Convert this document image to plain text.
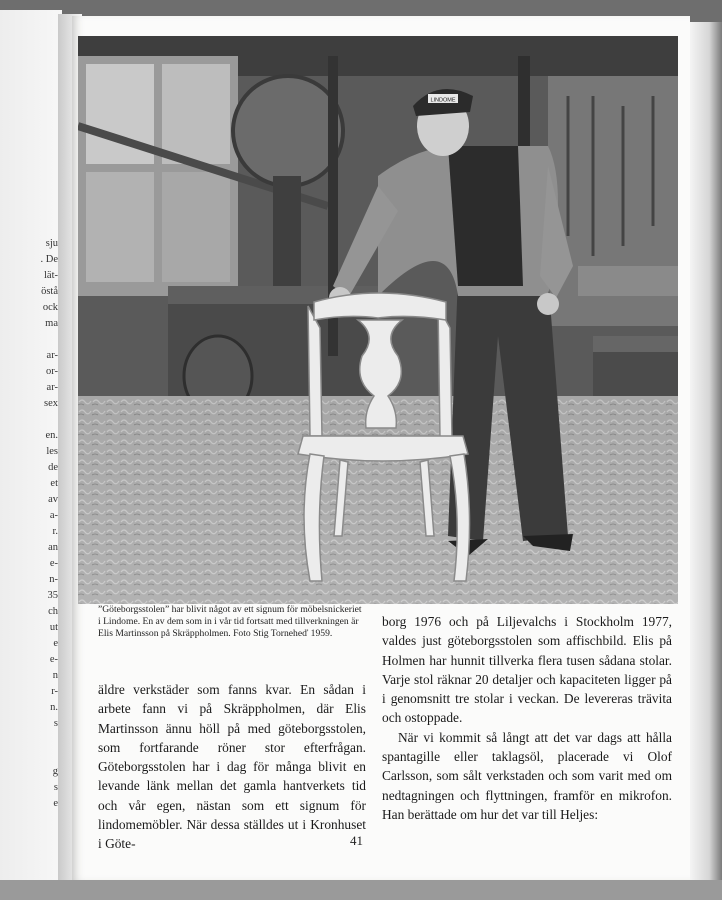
sju
. De
lät-
östå
ock
ma
ar-
or-
ar-
sex
en.
les
de
et
av
a-
r.
an
e-
n-
35
ch
ut
e
e-
n
r-
n.
s
g
s
e
LINDOME
”Göteborgsstolen” har blivit något av ett signum för möbelsnickeriet i Lindome. En av dem som in i vår tid fortsatt med tillverkningen är Elis Martinsson på Skräppholmen. Foto Stig Torneheď 1959.

äldre verkstäder som fanns kvar. En sådan i arbete fann vi på Skräppholmen, där Elis Martinsson ännu höll på med göteborgsstolen, som fortfarande röner stor efterfrågan. Göteborgsstolen har i dag för många blivit en levande länk mellan det gamla hantverkets tid och vår egen, nästan som ett signum för lindomemöbler. När dessa ställdes ut i Kronhuset i Göte-

borg 1976 och på Liljevalchs i Stockholm 1977, valdes just göteborgsstolen som affischbild. Elis på Holmen har hunnit tillverka flera tusen sådana stolar. Varje stol räknar 20 detaljer och kapaciteten ligger på i genomsnitt tre stolar i veckan. De levereras trävita och ostoppade.

När vi kommit så långt att det var dags att hålla spantagille eller taklagsöl, placerade vi Olof Carlsson, som sålt verkstaden och som varit med om nedtagningen och flyttningen, framför en mikrofon. Han berättade om hur det var till Heljes:

41
